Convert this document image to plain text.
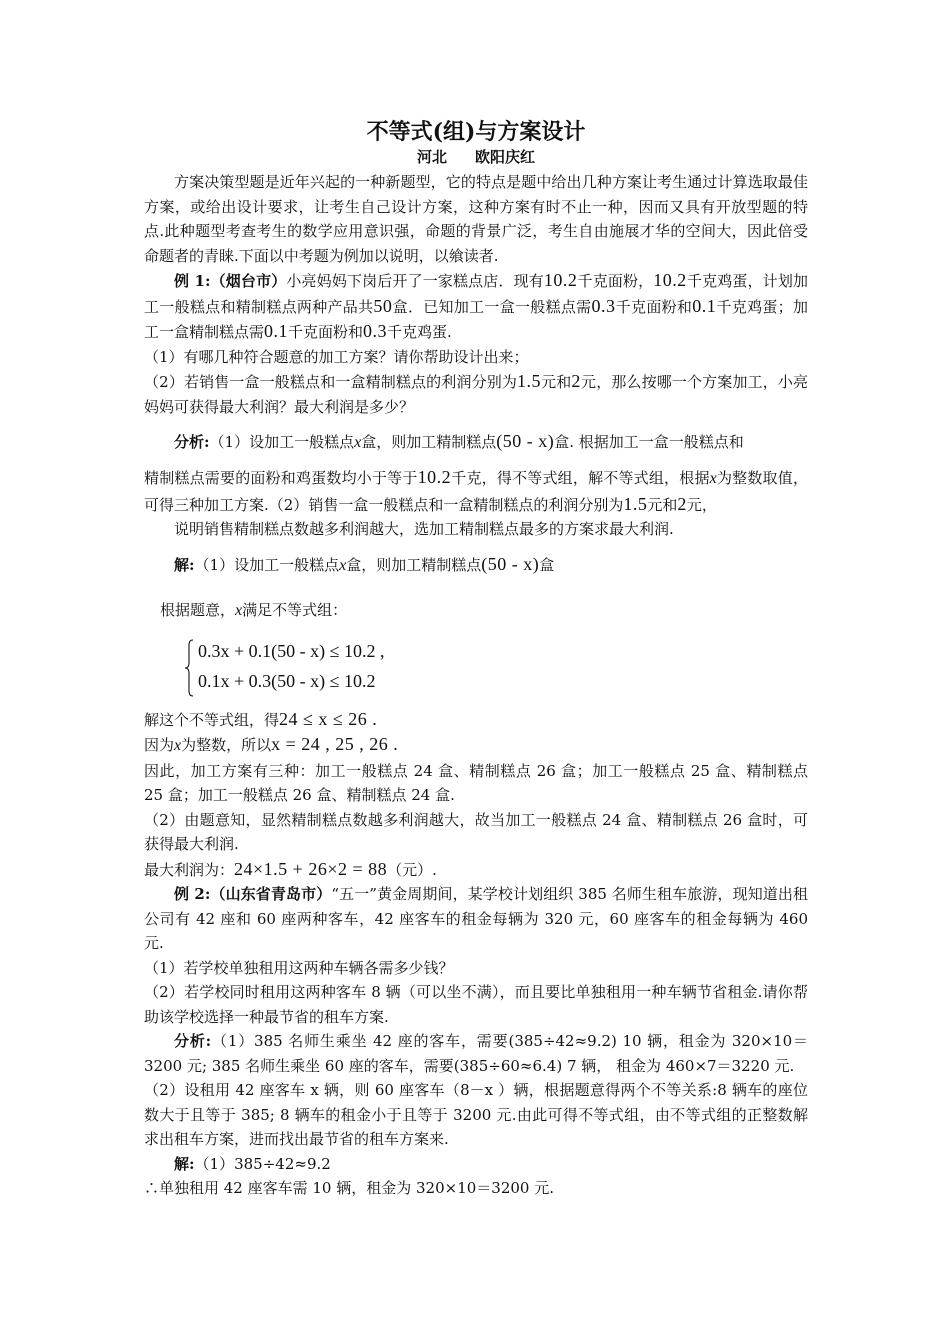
不等式(组)与方案设计

河北 欧阳庆红

方案决策型题是近年兴起的一种新题型，它的特点是题中给出几种方案让考生通过计算选取最佳方案，或给出设计要求，让考生自己设计方案，这种方案有时不止一种，因而又具有开放型题的特点.此种题型考查考生的数学应用意识强，命题的背景广泛，考生自由施展才华的空间大，因此倍受命题者的青睐.下面以中考题为例加以说明，以飨读者.

例 1:（烟台市）小亮妈妈下岗后开了一家糕点店．现有10.2千克面粉，10.2千克鸡蛋，计划加工一般糕点和精制糕点两种产品共50盒．已知加工一盒一般糕点需0.3千克面粉和0.1千克鸡蛋；加工一盒精制糕点需0.1千克面粉和0.3千克鸡蛋.

（1）有哪几种符合题意的加工方案？请你帮助设计出来；

（2）若销售一盒一般糕点和一盒精制糕点的利润分别为1.5元和2元，那么按哪一个方案加工，小亮妈妈可获得最大利润？最大利润是多少？

分析:（1）设加工一般糕点x盒，则加工精制糕点(50 - x)盒. 根据加工一盒一般糕点和

精制糕点需要的面粉和鸡蛋数均小于等于10.2千克，得不等式组，解不等式组，根据x为整数取值，可得三种加工方案.（2）销售一盒一般糕点和一盒精制糕点的利润分别为1.5元和2元，

说明销售精制糕点数越多利润越大，选加工精制糕点最多的方案求最大利润.

解:（1）设加工一般糕点x盒，则加工精制糕点(50 - x)盒

根据题意，x满足不等式组：

0.3x + 0.1(50 - x) ≤ 10.2 ,
0.1x + 0.3(50 - x) ≤ 10.2

解这个不等式组，得24 ≤ x ≤ 26 .

因为x为整数，所以x = 24 , 25 , 26 .

因此，加工方案有三种：加工一般糕点 24 盒、精制糕点 26 盒；加工一般糕点 25 盒、精制糕点 25 盒；加工一般糕点 26 盒、精制糕点 24 盒.

（2）由题意知，显然精制糕点数越多利润越大，故当加工一般糕点 24 盒、精制糕点 26 盒时，可获得最大利润.

最大利润为：24×1.5 + 26×2 = 88（元）.

例 2:（山东省青岛市）“五一”黄金周期间，某学校计划组织 385 名师生租车旅游，现知道出租公司有 42 座和 60 座两种客车，42 座客车的租金每辆为 320 元，60 座客车的租金每辆为 460 元.

（1）若学校单独租用这两种车辆各需多少钱？

（2）若学校同时租用这两种客车 8 辆（可以坐不满），而且要比单独租用一种车辆节省租金.请你帮助该学校选择一种最节省的租车方案.

分析:（1）385 名师生乘坐 42 座的客车，需要(385÷42≈9.2) 10 辆，租金为 320×10＝3200 元; 385 名师生乘坐 60 座的客车，需要(385÷60≈6.4) 7 辆， 租金为 460×7＝3220 元.

（2）设租用 42 座客车 x 辆，则 60 座客车（8－x ）辆，根据题意得两个不等关系:8 辆车的座位数大于且等于 385; 8 辆车的租金小于且等于 3200 元.由此可得不等式组，由不等式组的正整数解求出租车方案，进而找出最节省的租车方案来.

解:（1）385÷42≈9.2

∴单独租用 42 座客车需 10 辆，租金为 320×10＝3200 元.
